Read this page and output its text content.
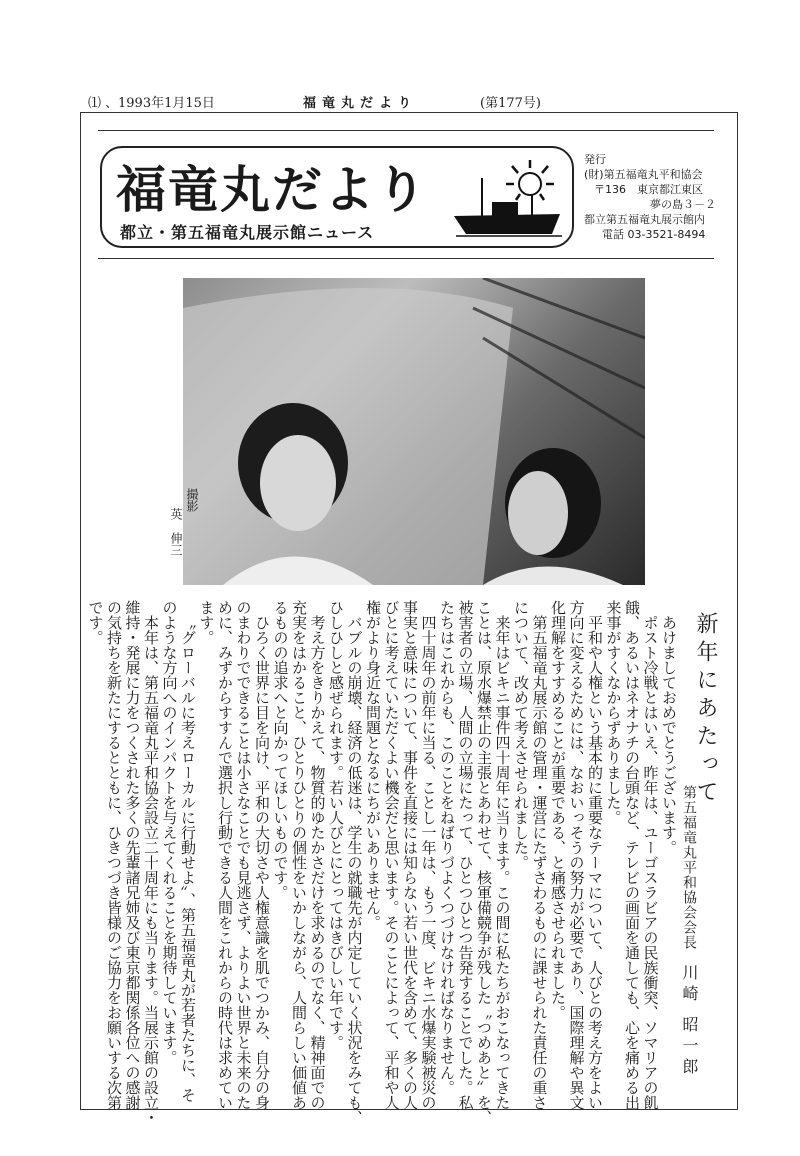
⑴ 、 1993年1月15日	福竜丸だより	(第177号)
福竜丸だより
都立・第五福竜丸展示館ニュース
発行
(財)第五福竜丸平和協会
〒136　東京都江東区
夢の島３－２
都立第五福竜丸展示館内
電話 03-3521-8494
撮影
英　伸三
新年にあたって
第五福竜丸平和協会会長川崎 昭一郎
あけましておめでとうございます。
ポスト冷戦とはいえ、昨年は、ユーゴスラビアの民族衝突、ソマリアの飢
餓、あるいはネオナチの台頭など、テレビの画面を通しても、心を痛める出
来事がすくなからずありました。
平和や人権という基本的に重要なテーマについて、人びとの考え方をよい
方向に変えるためには、なおいっそうの努力が必要であり、国際理解や異文
化理解をすすめることが重要である、と痛感させられました。
第五福竜丸展示館の管理・運営にたずさわるものに課せられた責任の重さ
について、改めて考えさせられました。
来年はビキニ事件四十周年に当ります。この間に私たちがおこなってきた
ことは、原水爆禁止の主張とあわせて、核軍備競争が残した〝つめあと〟を、
被害者の立場、人間の立場にたって、ひとつひとつ告発することでした。私
たちはこれからも、このことをねばりづよくつづけなければなりません。
四十周年の前年に当る、ことし一年は、もう一度、ビキニ水爆実験被災の
事実と意味について、事件を直接には知らない若い世代を含めて、多くの人
びとに考えていただくよい機会だと思います。そのことによって、平和や人
権がより身近な問題となるにちがいありません。
バブルの崩壊、経済の低迷は、学生の就職先が内定していく状況をみても、
ひしひしと感ぜられます。若い人びとにとってはきびしい年です。
考え方をきりかえて、物質的ゆたかさだけを求めるのでなく、精神面での
充実をはかること、ひとりひとりの個性をいかしながら、人間らしい価値あ
るものの追求へと向かってほしいものです。
ひろく世界に目を向け、平和の大切さや人権意識を肌でつかみ、自分の身
のまわりでできることは小さなことでも見逃さず、よりよい世界と未来のた
めに、みずからすすんで選択し行動できる人間をこれからの時代は求めてい
ます。
〝グローバルに考えローカルに行動せよ〟、第五福竜丸が若者たちに、そ
のような方向へのインパクトを与えてくれることを期待しています。
本年は、第五福竜丸平和協会設立二十周年にも当ります。当展示館の設立・
維持・発展に力をつくされた多くの先輩諸兄姉及び東京都関係各位への感謝
の気持ちを新たにするとともに、ひきつづき皆様のご協力をお願いする次第
です。
